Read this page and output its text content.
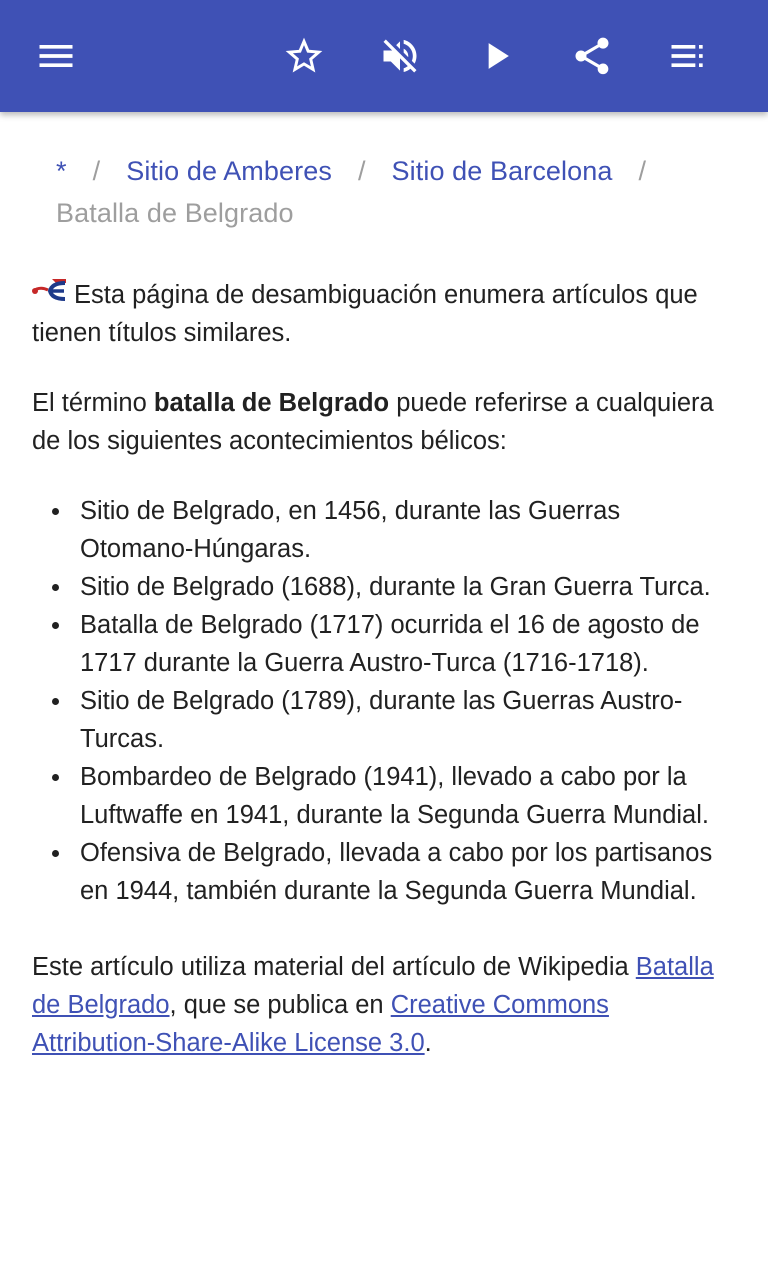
* / Sitio de Amberes / Sitio de Barcelona /
Batalla de Belgrado

Esta página de desambiguación enumera artículos que tienen títulos similares.

El término batalla de Belgrado puede referirse a cualquiera de los siguientes acontecimientos bélicos:

Sitio de Belgrado, en 1456, durante las Guerras Otomano-Húngaras.
Sitio de Belgrado (1688), durante la Gran Guerra Turca.
Batalla de Belgrado (1717) ocurrida el 16 de agosto de 1717 durante la Guerra Austro-Turca (1716-1718).
Sitio de Belgrado (1789), durante las Guerras Austro-Turcas.
Bombardeo de Belgrado (1941), llevado a cabo por la Luftwaffe en 1941, durante la Segunda Guerra Mundial.
Ofensiva de Belgrado, llevada a cabo por los partisanos en 1944, también durante la Segunda Guerra Mundial.

Este artículo utiliza material del artículo de Wikipedia Batalla de Belgrado, que se publica en Creative Commons Attribution-Share-Alike License 3.0.
